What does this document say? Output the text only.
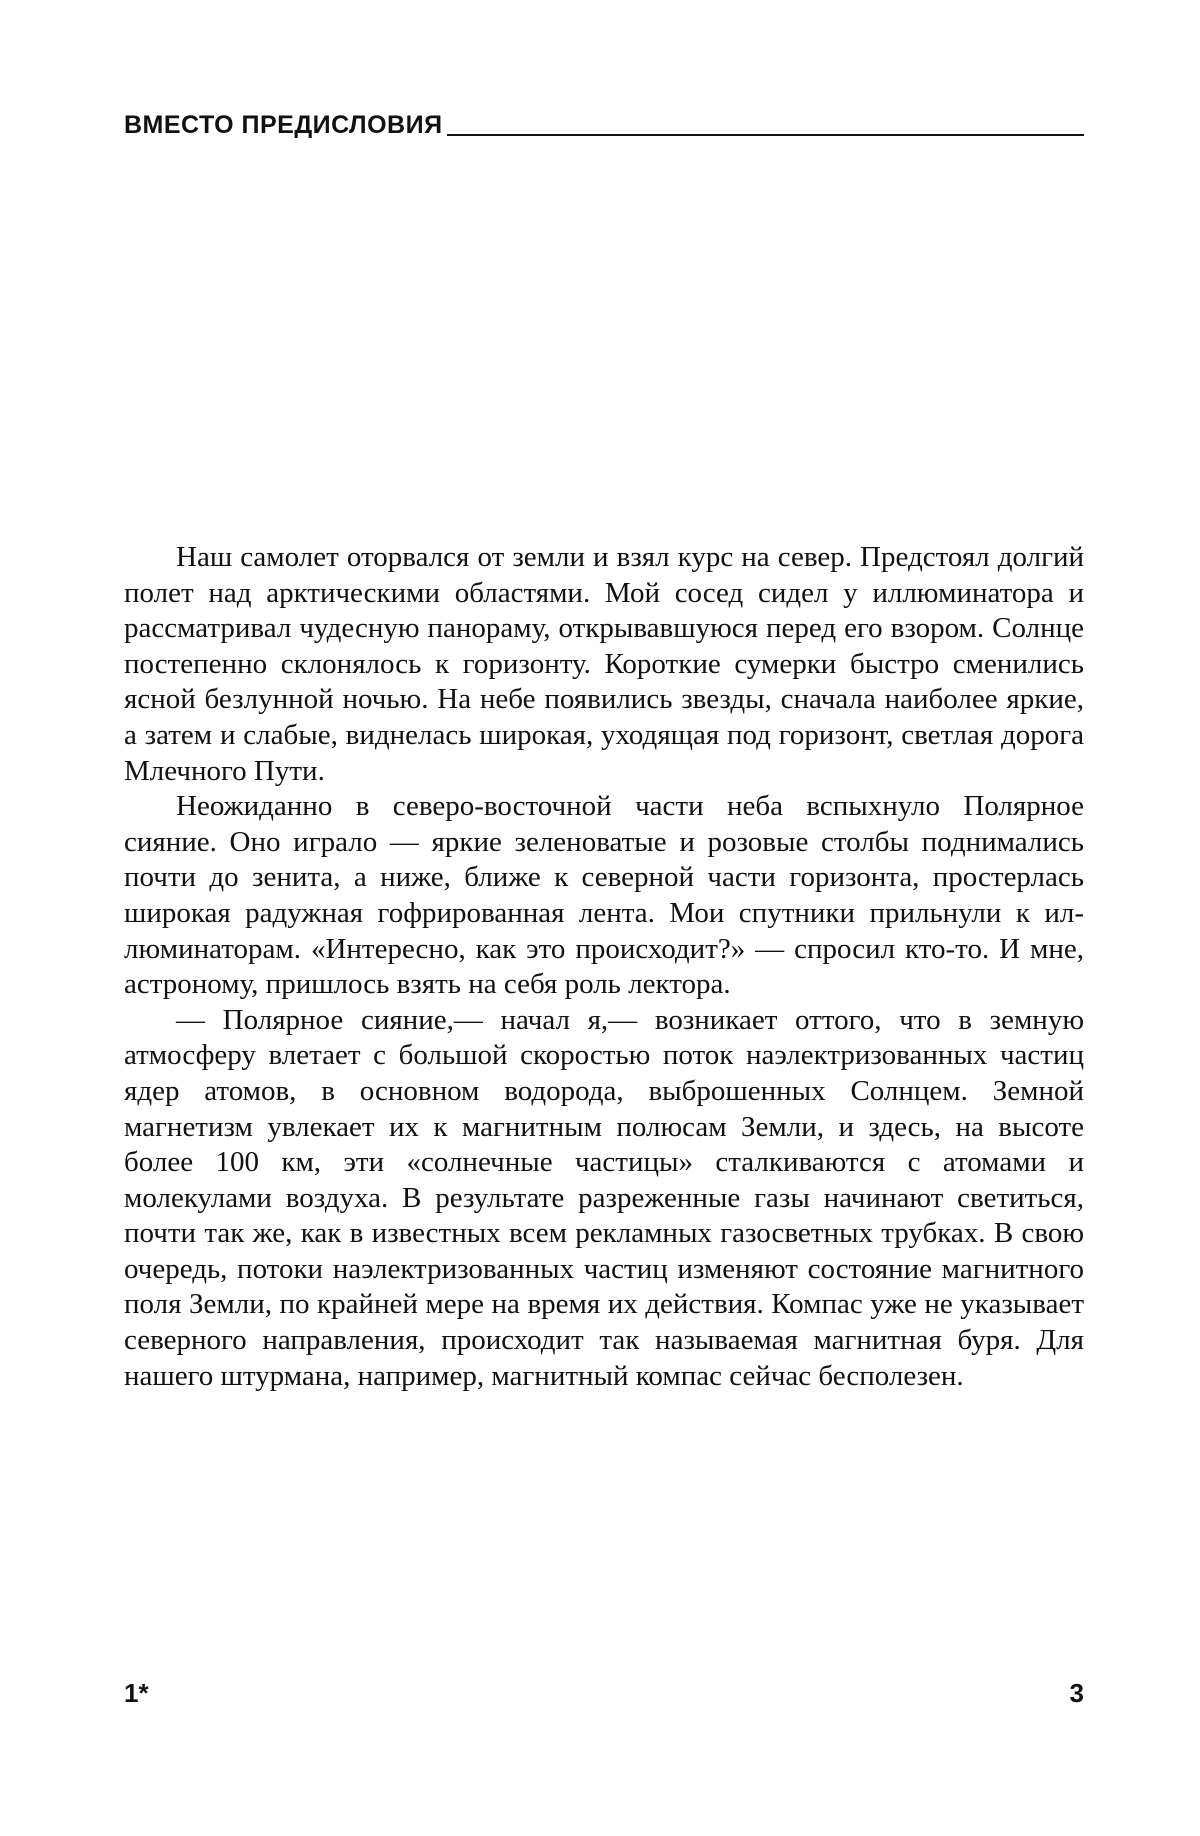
ВМЕСТО ПРЕДИСЛОВИЯ

Наш самолет оторвался от земли и взял курс на север. Предстоял долгий полет над арктическими областями. Мой сосед сидел у иллюминатора и рассматривал чудесную па­нораму, открывавшуюся перед его взором. Солнце посте­пенно склонялось к горизонту. Короткие сумерки быстро сменились ясной безлунной ночью. На небе появились звезды, сначала наиболее яркие, а затем и слабые, видне­лась широкая, уходящая под горизонт, светлая дорога Млечного Пути.

Неожиданно в северо-восточной части неба вспыхнуло Полярное сияние. Оно играло — яркие зеленоватые и ро­зовые столбы поднимались почти до зенита, а ниже, ближе к северной части горизонта, простерлась широкая радуж­ная гофрированная лента. Мои спутники прильнули к ил­люминаторам. «Интересно, как это происходит?» — спро­сил кто-то. И мне, астроному, пришлось взять на себя роль лектора.

— Полярное сияние,— начал я,— возникает оттого, что в земную атмосферу влетает с большой скоростью поток наэлектризованных частиц ядер атомов, в основном водо­рода, выброшенных Солнцем. Земной магнетизм увлекает их к магнитным полюсам Земли, и здесь, на высоте более 100 км, эти «солнечные частицы» сталкиваются с атомами и молекулами воздуха. В результате разреженные газы на­чинают светиться, почти так же, как в известных всем рек­ламных газосветных трубках. В свою очередь, потоки на­электризованных частиц изменяют состояние магнитного поля Земли, по крайней мере на время их действия. Ком­пас уже не указывает северного направления, происходит так называемая магнитная буря. Для нашего штурмана, например, магнитный компас сейчас бесполезен.

1*	3
